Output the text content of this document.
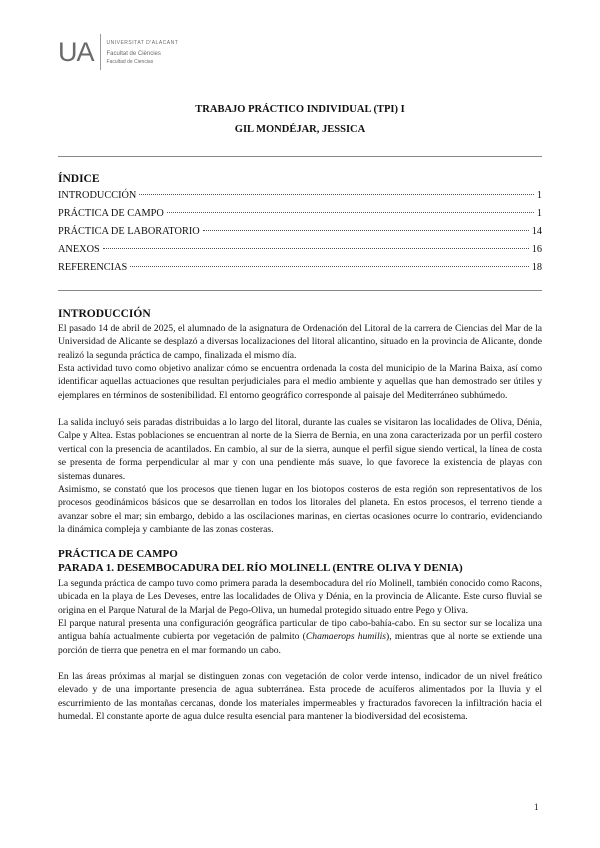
UA	UNIVERSITAT D'ALACANT
Facultat de Ciències
Facultad de Ciencias
TRABAJO PRÁCTICO INDIVIDUAL (TPI) I
GIL MONDÉJAR, JESSICA
ÍNDICE
INTRODUCCIÓN	1
PRÁCTICA DE CAMPO	1
PRÁCTICA DE LABORATORIO	14
ANEXOS	16
REFERENCIAS	18
INTRODUCCIÓN
El pasado 14 de abril de 2025, el alumnado de la asignatura de Ordenación del Litoral de la carrera de Ciencias del Mar de la Universidad de Alicante se desplazó a diversas localizaciones del litoral alicantino, situado en la provincia de Alicante, donde realizó la segunda práctica de campo, finalizada el mismo día.
Esta actividad tuvo como objetivo analizar cómo se encuentra ordenada la costa del municipio de la Marina Baixa, así como identificar aquellas actuaciones que resultan perjudiciales para el medio ambiente y aquellas que han demostrado ser útiles y ejemplares en términos de sostenibilidad. El entorno geográfico corresponde al paisaje del Mediterráneo subhúmedo.
La salida incluyó seis paradas distribuidas a lo largo del litoral, durante las cuales se visitaron las localidades de Oliva, Dénia, Calpe y Altea. Estas poblaciones se encuentran al norte de la Sierra de Bernia, en una zona caracterizada por un perfil costero vertical con la presencia de acantilados. En cambio, al sur de la sierra, aunque el perfil sigue siendo vertical, la línea de costa se presenta de forma perpendicular al mar y con una pendiente más suave, lo que favorece la existencia de playas con sistemas dunares.
Asimismo, se constató que los procesos que tienen lugar en los biotopos costeros de esta región son representativos de los procesos geodinámicos básicos que se desarrollan en todos los litorales del planeta. En estos procesos, el terreno tiende a avanzar sobre el mar; sin embargo, debido a las oscilaciones marinas, en ciertas ocasiones ocurre lo contrario, evidenciando la dinámica compleja y cambiante de las zonas costeras.
PRÁCTICA DE CAMPO
PARADA 1. DESEMBOCADURA DEL RÍO MOLINELL (ENTRE OLIVA Y DENIA)
La segunda práctica de campo tuvo como primera parada la desembocadura del río Molinell, también conocido como Racons, ubicada en la playa de Les Deveses, entre las localidades de Oliva y Dénia, en la provincia de Alicante. Este curso fluvial se origina en el Parque Natural de la Marjal de Pego-Oliva, un humedal protegido situado entre Pego y Oliva.
El parque natural presenta una configuración geográfica particular de tipo cabo-bahía-cabo. En su sector sur se localiza una antigua bahía actualmente cubierta por vegetación de palmito (Chamaerops humilis), mientras que al norte se extiende una porción de tierra que penetra en el mar formando un cabo.
En las áreas próximas al marjal se distinguen zonas con vegetación de color verde intenso, indicador de un nivel freático elevado y de una importante presencia de agua subterránea. Esta procede de acuíferos alimentados por la lluvia y el escurrimiento de las montañas cercanas, donde los materiales impermeables y fracturados favorecen la infiltración hacia el humedal. El constante aporte de agua dulce resulta esencial para mantener la biodiversidad del ecosistema.
1
